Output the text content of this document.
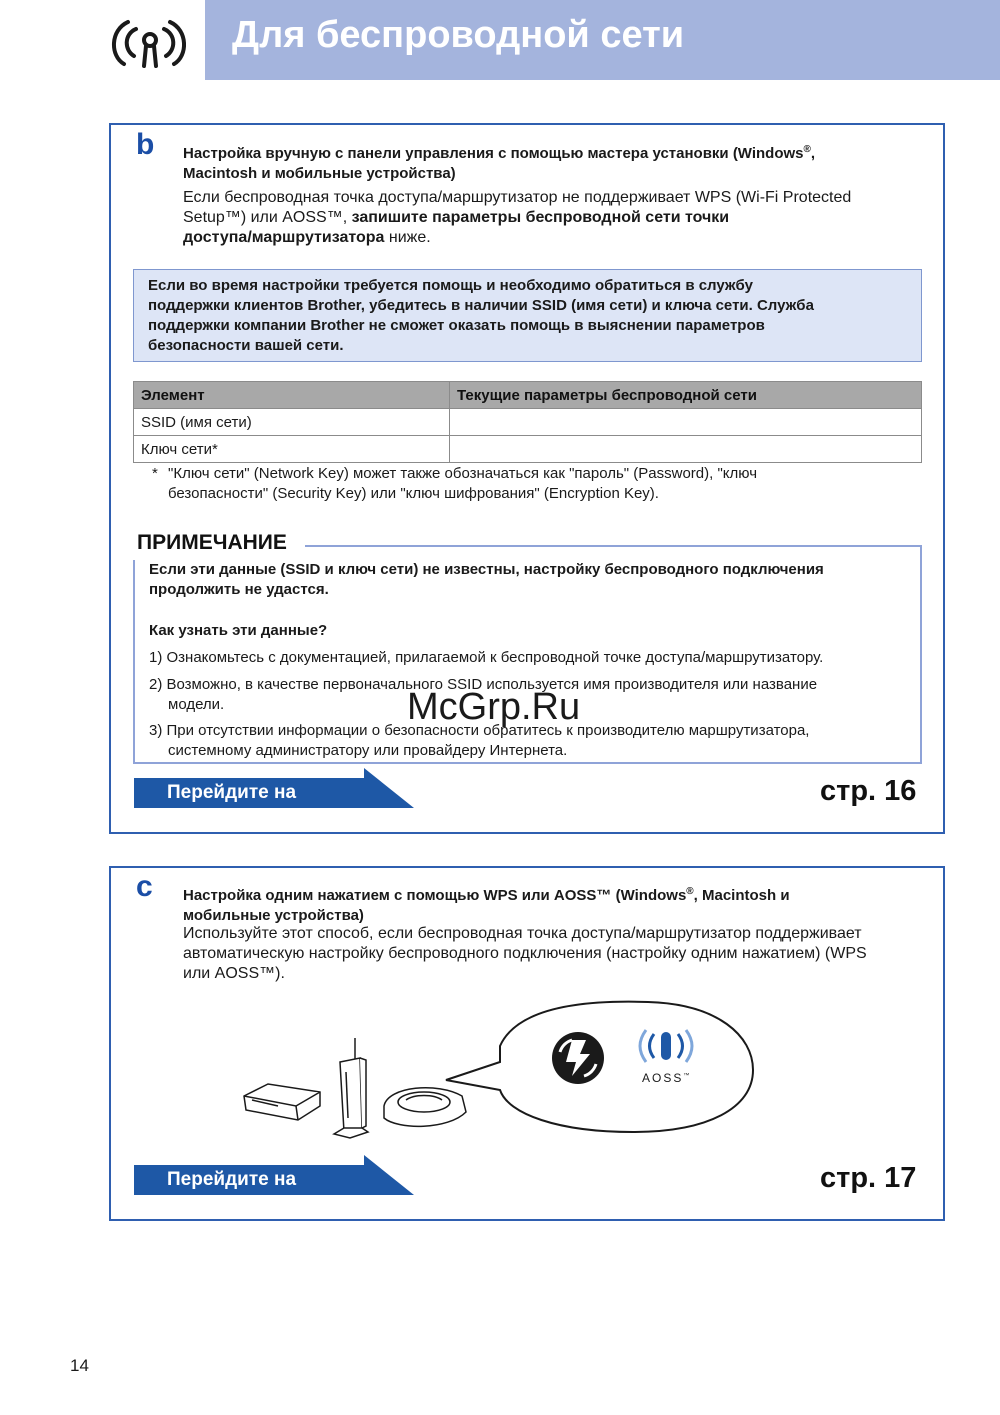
Для беспроводной сети
b Настройка вручную с панели управления с помощью мастера установки (Windows®,
Macintosh и мобильные устройства)
Если беспроводная точка доступа/маршрутизатор не поддерживает WPS (Wi-Fi Protected
Setup™) или AOSS™, запишите параметры беспроводной сети точки
доступа/маршрутизатора ниже.
Если во время настройки требуется помощь и необходимо обратиться в службу
поддержки клиентов Brother, убедитесь в наличии SSID (имя сети) и ключа сети. Служба
поддержки компании Brother не сможет оказать помощь в выяснении параметров
безопасности вашей сети.
Элемент	Текущие параметры беспроводной сети
SSID (имя сети)	
Ключ сети*	
* "Ключ сети" (Network Key) может также обозначаться как "пароль" (Password), "ключ
безопасности" (Security Key) или "ключ шифрования" (Encryption Key).
ПРИМЕЧАНИЕ
Если эти данные (SSID и ключ сети) не известны, настройку беспроводного подключения
продолжить не удастся.
Как узнать эти данные?
1) Ознакомьтесь с документацией, прилагаемой к беспроводной точке доступа/маршрутизатору.
2) Возможно, в качестве первоначального SSID используется имя производителя или название
модели.
3) При отсутствии информации о безопасности обратитесь к производителю маршрутизатора,
системному администратору или провайдеру Интернета.
McGrp.Ru
Перейдите на	стр. 16
c Настройка одним нажатием с помощью WPS или AOSS™ (Windows®, Macintosh и
мобильные устройства)
Используйте этот способ, если беспроводная точка доступа/маршрутизатор поддерживает
автоматическую настройку беспроводного подключения (настройку одним нажатием) (WPS
или AOSS™).
AOSS™
Перейдите на	стр. 17
14
